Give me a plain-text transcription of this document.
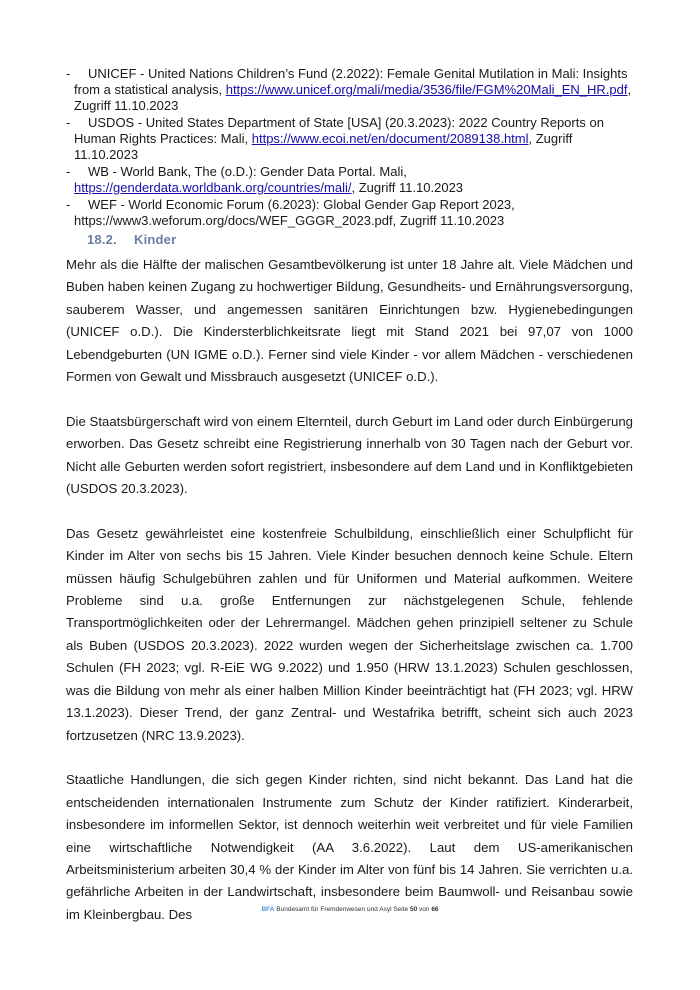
- UNICEF - United Nations Children’s Fund (2.2022): Female Genital Mutilation in Mali: Insights
from a statistical analysis, https://www.unicef.org/mali/media/3536/file/FGM%20Mali_EN_HR.pdf,
Zugriff 11.10.2023
- USDOS - United States Department of State [USA] (20.3.2023): 2022 Country Reports on
Human Rights Practices: Mali, https://www.ecoi.net/en/document/2089138.html, Zugriff
11.10.2023
- WB - World Bank, The (o.D.): Gender Data Portal. Mali,
https://genderdata.worldbank.org/countries/mali/, Zugriff 11.10.2023
- WEF - World Economic Forum (6.2023): Global Gender Gap Report 2023,
https://www3.weforum.org/docs/WEF_GGGR_2023.pdf, Zugriff 11.10.2023
18.2. Kinder

Mehr als die Hälfte der malischen Gesamtbevölkerung ist unter 18 Jahre alt. Viele Mädchen und Buben haben keinen Zugang zu hochwertiger Bildung, Gesundheits- und Ernährungsversorgung, sauberem Wasser, und angemessen sanitären Einrichtungen bzw. Hygienebedingungen (UNICEF o.D.). Die Kindersterblichkeitsrate liegt mit Stand 2021 bei 97,07 von 1000 Lebendgeburten (UN IGME o.D.). Ferner sind viele Kinder - vor allem Mädchen - verschiedenen Formen von Gewalt und Missbrauch ausgesetzt (UNICEF o.D.).

Die Staatsbürgerschaft wird von einem Elternteil, durch Geburt im Land oder durch Einbürgerung erworben. Das Gesetz schreibt eine Registrierung innerhalb von 30 Tagen nach der Geburt vor. Nicht alle Geburten werden sofort registriert, insbesondere auf dem Land und in Konfliktgebieten (USDOS 20.3.2023).

Das Gesetz gewährleistet eine kostenfreie Schulbildung, einschließlich einer Schulpflicht für Kinder im Alter von sechs bis 15 Jahren. Viele Kinder besuchen dennoch keine Schule. Eltern müssen häufig Schulgebühren zahlen und für Uniformen und Material aufkommen. Weitere Probleme sind u.a. große Entfernungen zur nächstgelegenen Schule, fehlende Transportmöglichkeiten oder der Lehrermangel. Mädchen gehen prinzipiell seltener zu Schule als Buben (USDOS 20.3.2023). 2022 wurden wegen der Sicherheitslage zwischen ca. 1.700 Schulen (FH 2023; vgl. R-EiE WG 9.2022) und 1.950 (HRW 13.1.2023) Schulen geschlossen, was die Bildung von mehr als einer halben Million Kinder beeinträchtigt hat (FH 2023; vgl. HRW 13.1.2023). Dieser Trend, der ganz Zentral- und Westafrika betrifft, scheint sich auch 2023 fortzusetzen (NRC 13.9.2023).

Staatliche Handlungen, die sich gegen Kinder richten, sind nicht bekannt. Das Land hat die entscheidenden internationalen Instrumente zum Schutz der Kinder ratifiziert. Kinderarbeit, insbesondere im informellen Sektor, ist dennoch weiterhin weit verbreitet und für viele Familien eine wirtschaftliche Notwendigkeit (AA 3.6.2022). Laut dem US-amerikanischen Arbeitsministerium arbeiten 30,4 % der Kinder im Alter von fünf bis 14 Jahren. Sie verrichten u.a. gefährliche Arbeiten in der Landwirtschaft, insbesondere beim Baumwoll- und Reisanbau sowie im Kleinbergbau. Des	BFA Bundesamt für Fremdenwesen und Asyl Seite 50 von 66
